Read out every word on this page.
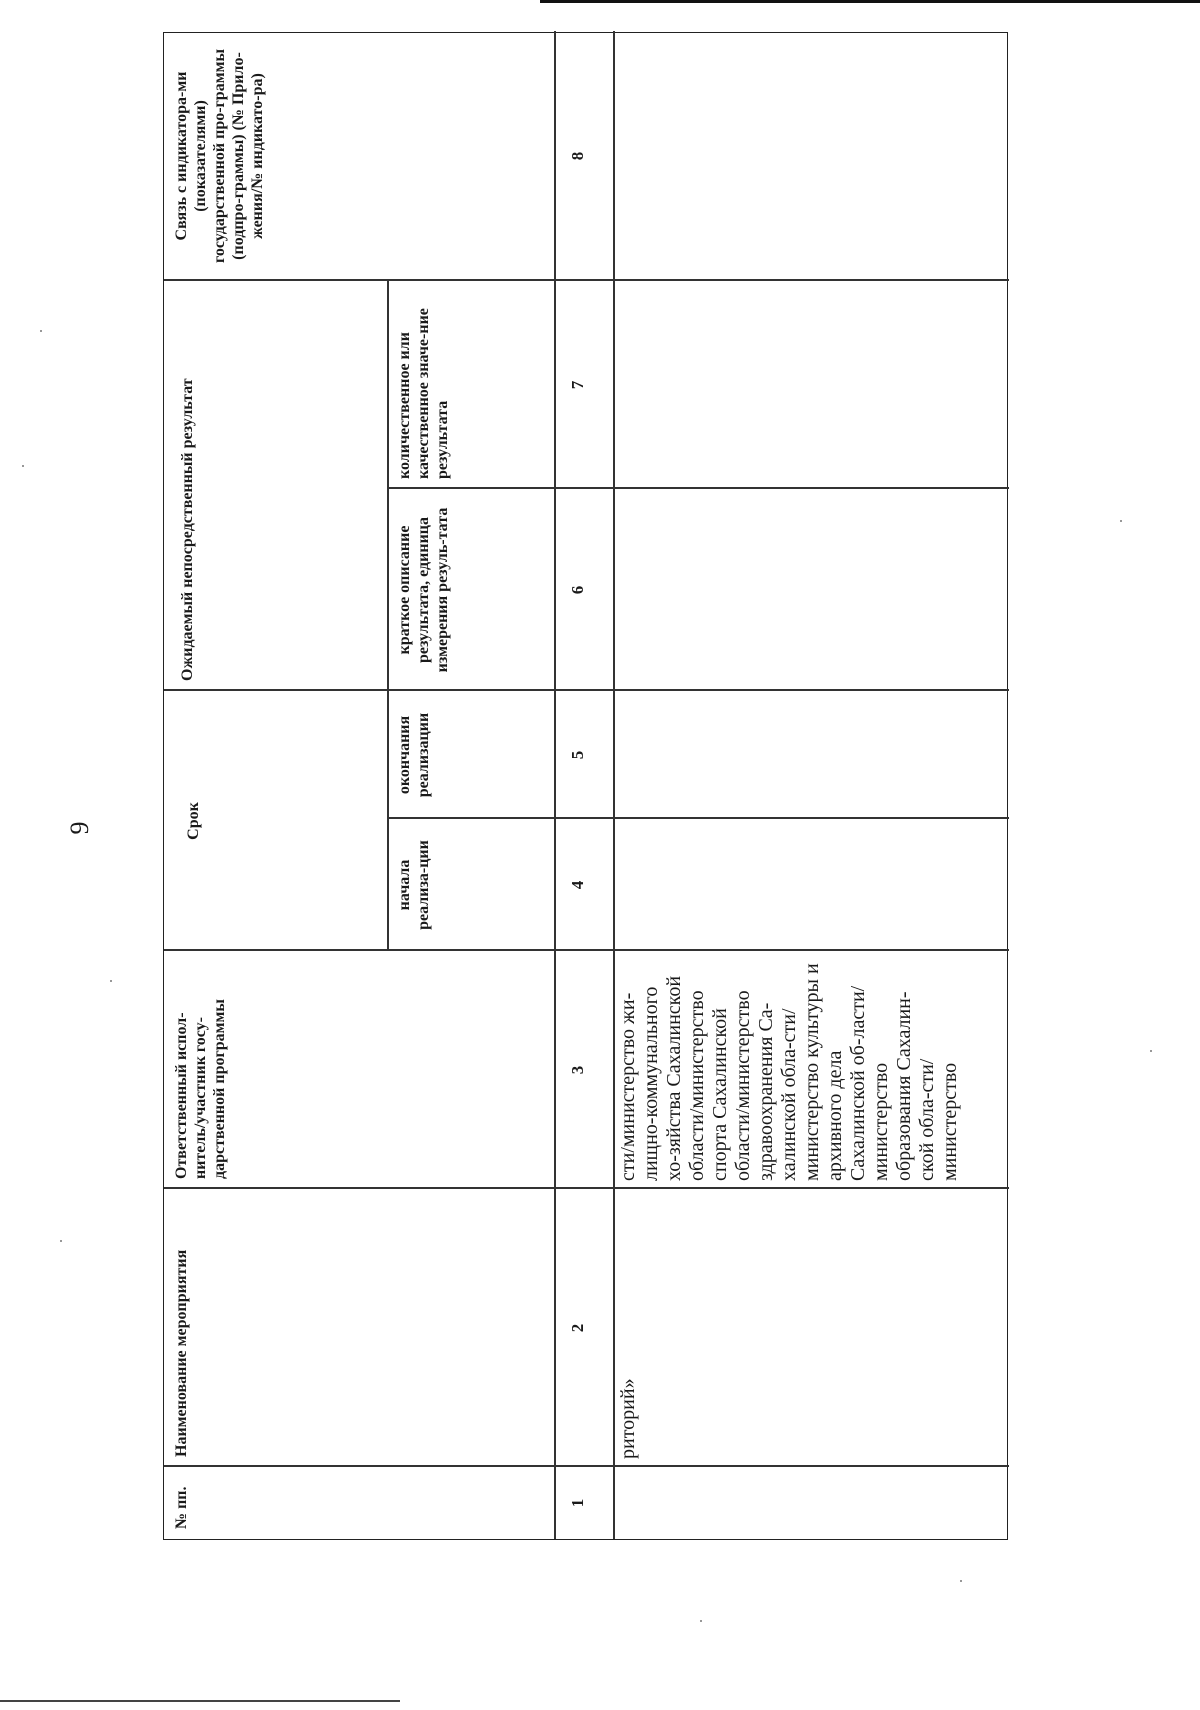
9
№ пп.
Наименование мероприятия
Ответственный испол-нитель/участник госу-дарственной программы
Срок
начала реализа-ции
окончания реализации
Ожидаемый непосредственный результат	краткое описание результата, единица измерения резуль-тата
количественное или качественное значе-ние результата
Связь с индикатора-ми (показателями) государственной про-граммы (подпро-граммы) (№ Прило-жения/№ индикато-ра)
1
2
3
4
5
6
7
8
риторий»
сти/министерство жи-лищно-коммунального хо-зяйства Сахалинской области/министерство спорта Сахалинской области/министерство здравоохранения Са-халинской обла-сти/министерство культуры и архивного дела Сахалинской об-ласти/министерство образования Сахалин-ской обла-сти/министерство
